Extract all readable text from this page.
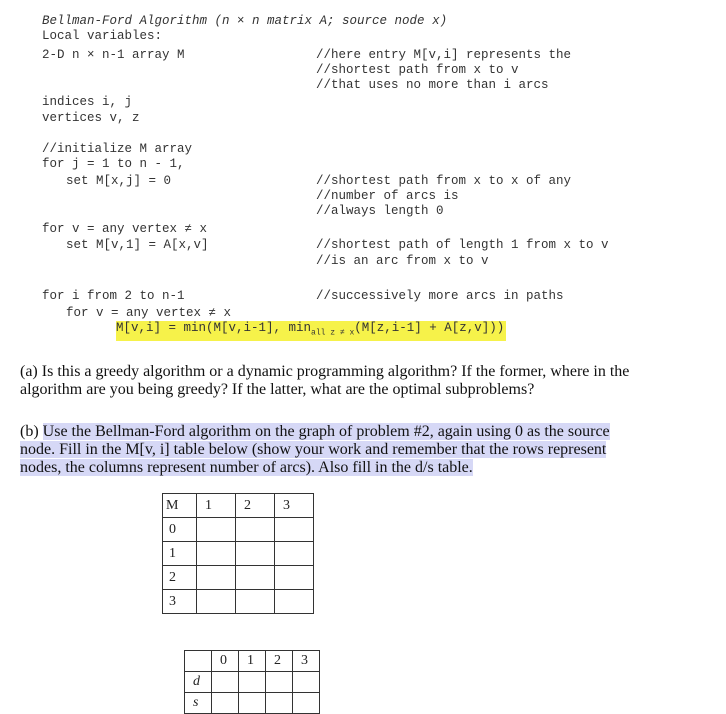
Bellman-Ford Algorithm (n × n matrix A; source node x)
Local variables:
2-D n × n-1 array M	//here entry M[v,i] represents the
//shortest path from x to v
//that uses no more than i arcs
indices i, j
vertices v, z
//initialize M array
for j = 1 to n - 1,
set M[x,j] = 0	//shortest path from x to x of any
//number of arcs is
//always length 0
for v = any vertex ≠ x
set M[v,1] = A[x,v]	//shortest path of length 1 from x to v
//is an arc from x to v
for i from 2 to n-1	//successively more arcs in paths
for v = any vertex ≠ x
M[v,i] = min(M[v,i-1], $\min_{all z \ne x}(M[z,i-1] + A[z,v])$)
(a) Is this a greedy algorithm or a dynamic programming algorithm? If the former, where in the
algorithm are you being greedy? If the latter, what are the optimal subproblems?
(b) Use the Bellman-Ford algorithm on the graph of problem #2, again using 0 as the source
node. Fill in the M[v, i] table below (show your work and remember that the rows represent
nodes, the columns represent number of arcs). Also fill in the d/s table.
M	1	2	3
0			
1			
2			
3			
	0	1	2	3
d				
s				
